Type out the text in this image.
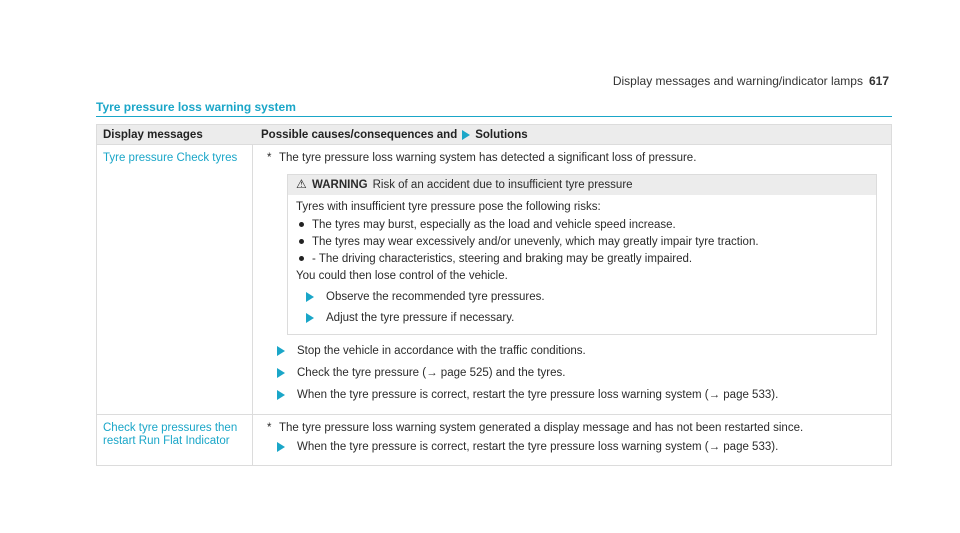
Display messages and warning/indicator lamps 617
Tyre pressure loss warning system
Display messages	Possible causes/consequences and Solutions
Tyre pressure Check tyres	* The tyre pressure loss warning system has detected a significant loss of pressure.
⚠ WARNING Risk of an accident due to insufficient tyre pressure
Tyres with insufficient tyre pressure pose the following risks:
The tyres may burst, especially as the load and vehicle speed increase.
The tyres may wear excessively and/or unevenly, which may greatly impair tyre traction.
- The driving characteristics, steering and braking may be greatly impaired.
You could then lose control of the vehicle.
Observe the recommended tyre pressures.
Adjust the tyre pressure if necessary.
Stop the vehicle in accordance with the traffic conditions.
Check the tyre pressure (→ page 525) and the tyres.
When the tyre pressure is correct, restart the tyre pressure loss warning system (→ page 533).
Check tyre pressures then restart Run Flat Indicator
* The tyre pressure loss warning system generated a display message and has not been restarted since.
When the tyre pressure is correct, restart the tyre pressure loss warning system (→ page 533).
